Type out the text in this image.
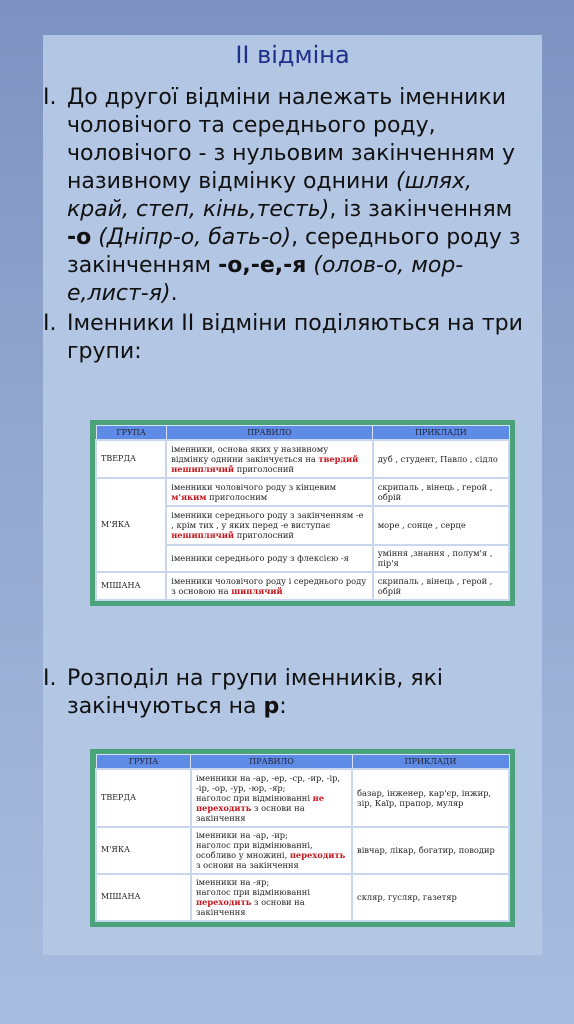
II відміна
I. До другої відміни належать іменники чоловічого та середнього роду, чоловічого - з нульовим закінченням у називному відмінку однини (шлях, край, степ, кінь,тесть), із закінченням -о (Дніпр-о, бать-о), середнього роду з закінченням -о,-е,-я (олов-о, мор-е,лист-я).
I. Іменники II відміни поділяються на три групи:
ГРУПА	ПРАВИЛО	ПРИКЛАДИ
ТВЕРДА	іменники, основа яких у називному відмінку однини закінчується на твердий нешиплячий приголосний	дуб , студент, Павло , сідло
М'ЯКА	іменники чоловічого роду з кінцевим м'яким приголосним	скрипаль , вінець , герой , обрій
	іменники середнього роду з закінченням -е , крім тих , у яких перед -е виступає нешиплячий приголосний	море , сонце , серце
	іменники середнього роду з флексією -я	уміння ,знання , полум'я , пір'я
МІШАНА	іменники чоловічого роду і середнього роду з основою на шиплячий	скрипаль , вінець , герой , обрій
I. Розподіл на групи іменників, які закінчуються на р:
ГРУПА	ПРАВИЛО	ПРИКЛАДИ
ТВЕРДА	іменники на -ар, -ер, -ср, -ир, -ір, -ір, -ор, -ур, -юр, -яр;
наголос при відмінюванні не переходить з основи на закінчення	базар, інженер, кар'єр, інжир, зір, Каїр, прапор, муляр
М'ЯКА	іменники на -ар, -ир;
наголос при відмінюванні, особливо у множині, переходить з основи на закінчення	вівчар, лікар, богатир, поводир
МІШАНА	іменники на -яр;
наголос при відмінюванні переходить з основи на закінчення	скляр, гусляр, газетяр
